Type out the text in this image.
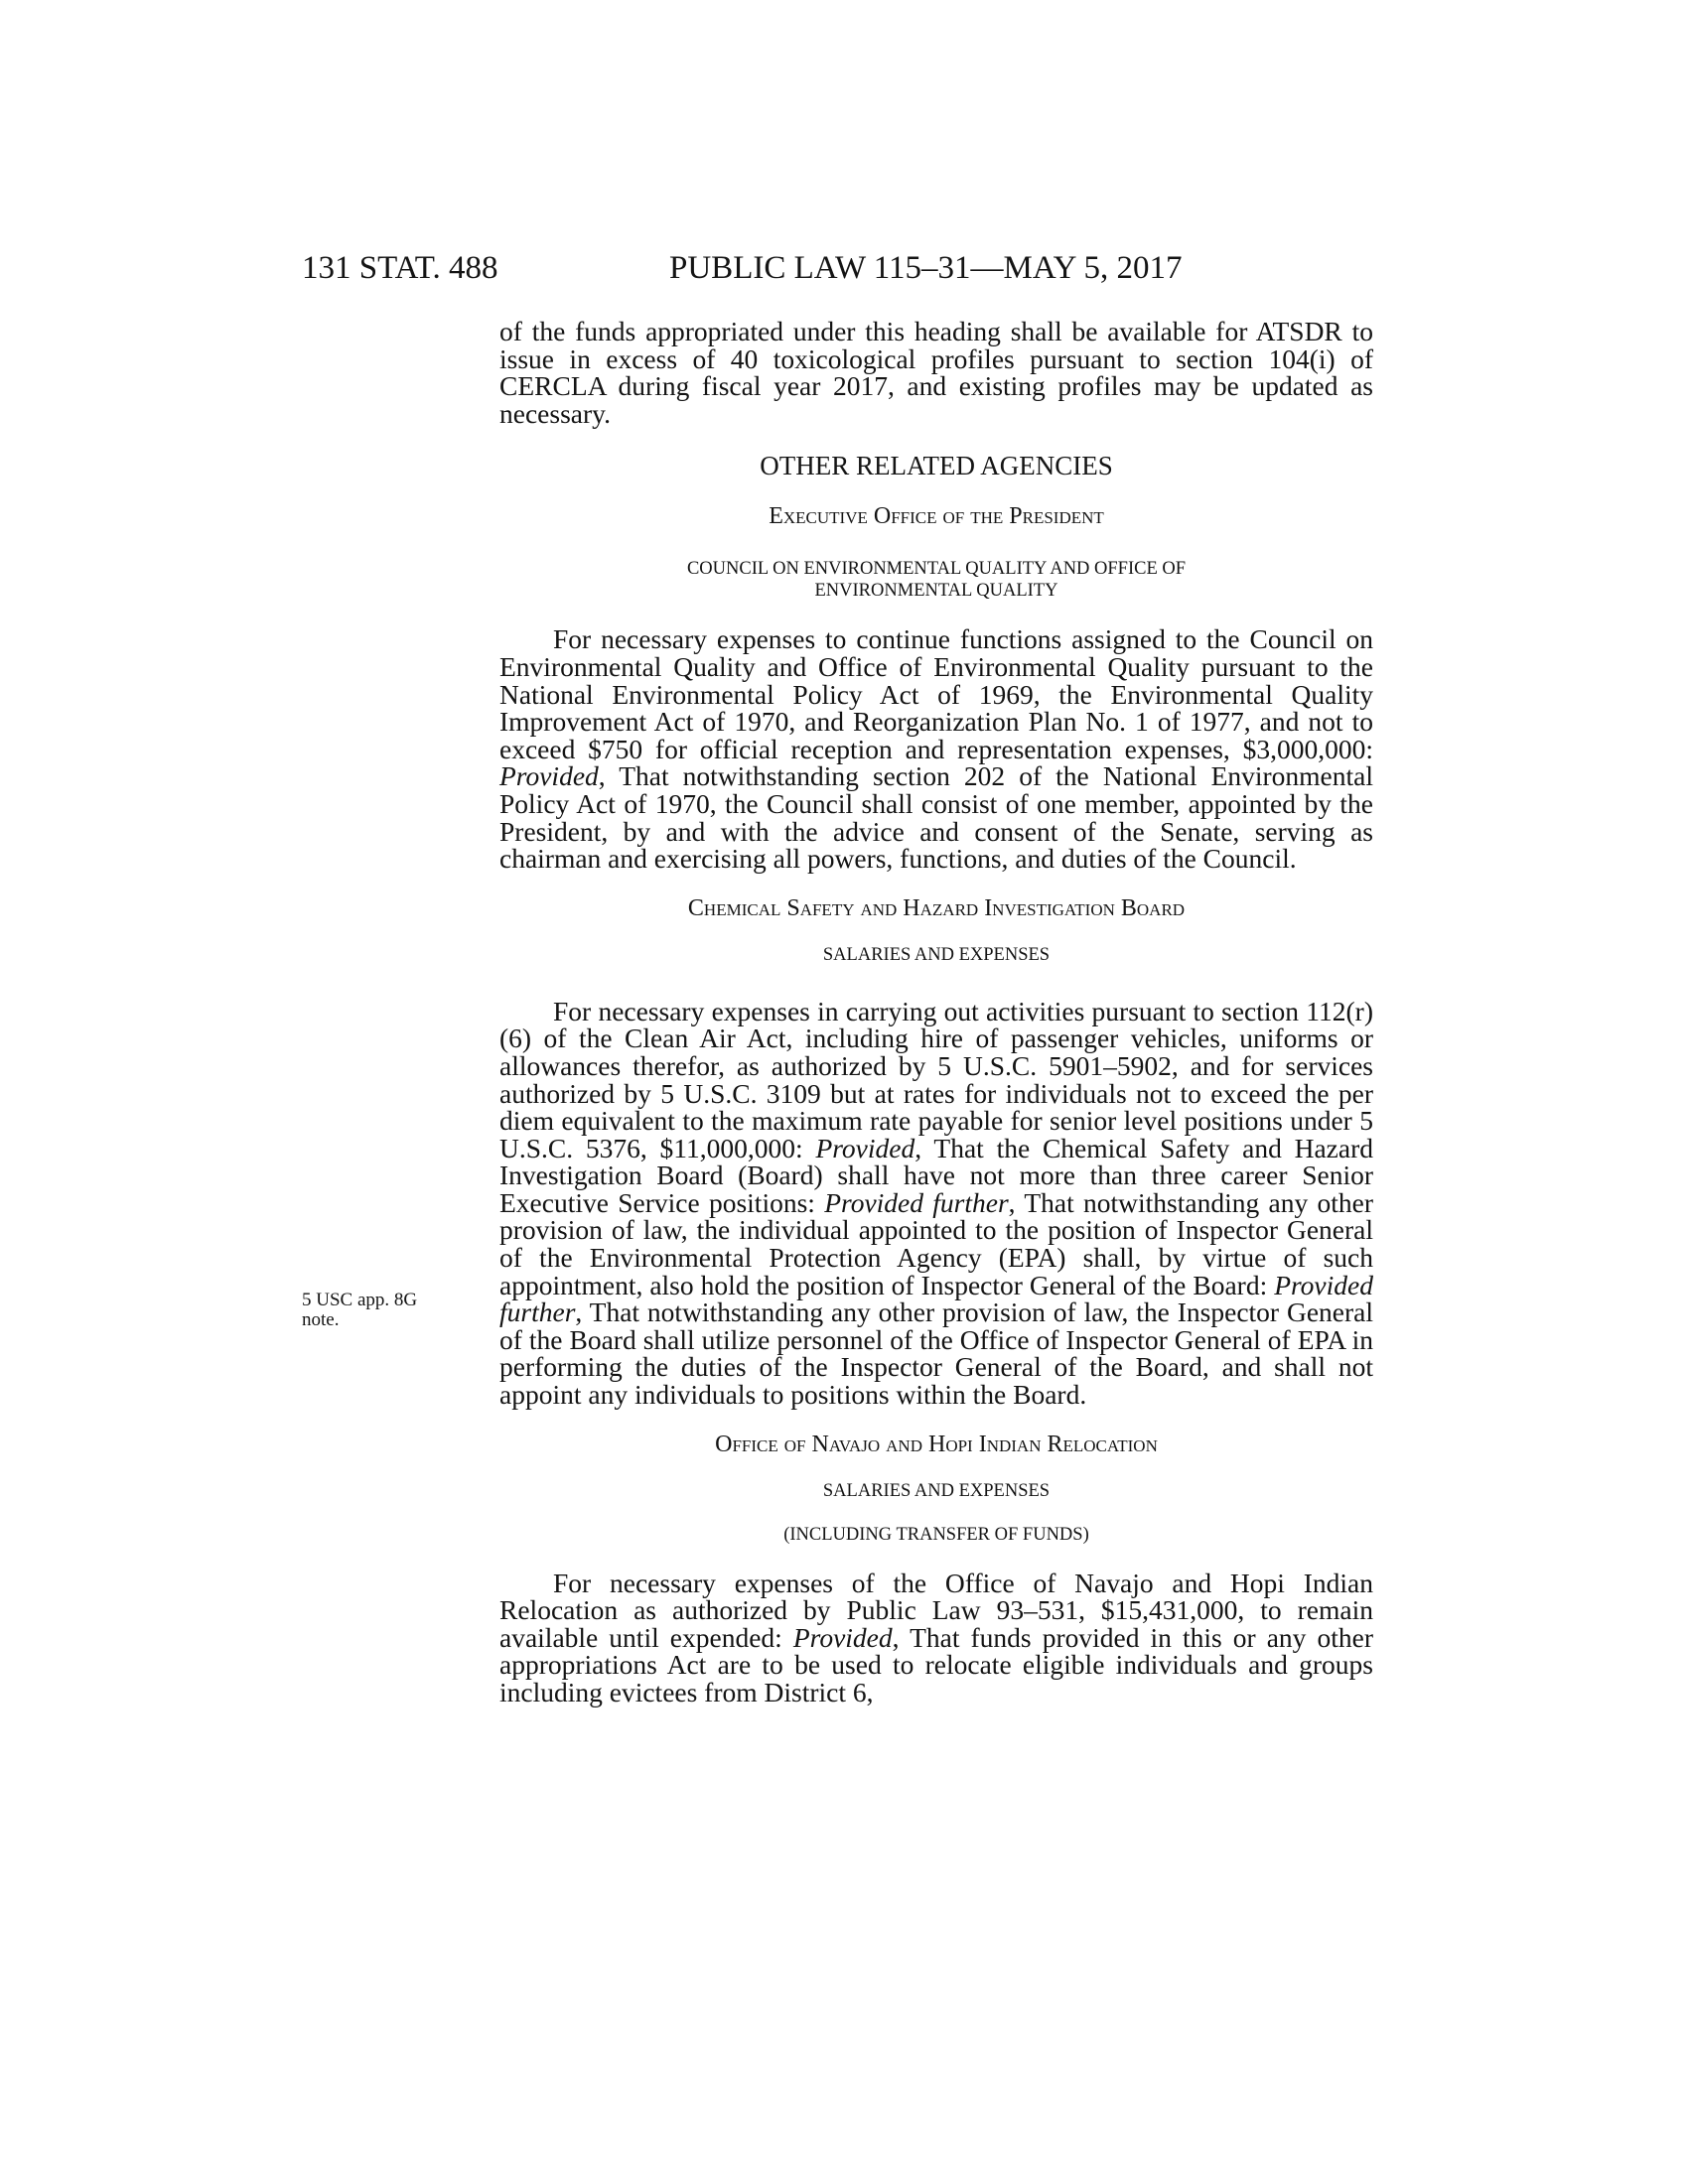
131 STAT. 488	PUBLIC LAW 115–31—MAY 5, 2017
5 USC app. 8G
note.

of the funds appropriated under this heading shall be available for ATSDR to issue in excess of 40 toxicological profiles pursuant to section 104(i) of CERCLA during fiscal year 2017, and existing profiles may be updated as necessary.

OTHER RELATED AGENCIES
Executive Office of the President
COUNCIL ON ENVIRONMENTAL QUALITY AND OFFICE OF
ENVIRONMENTAL QUALITY

For necessary expenses to continue functions assigned to the Council on Environmental Quality and Office of Environmental Quality pursuant to the National Environmental Policy Act of 1969, the Environmental Quality Improvement Act of 1970, and Reorganization Plan No. 1 of 1977, and not to exceed $750 for official reception and representation expenses, $3,000,000: Provided, That notwithstanding section 202 of the National Environmental Policy Act of 1970, the Council shall consist of one member, appointed by the President, by and with the advice and consent of the Senate, serving as chairman and exercising all powers, functions, and duties of the Council.

Chemical Safety and Hazard Investigation Board
SALARIES AND EXPENSES

For necessary expenses in carrying out activities pursuant to section 112(r)(6) of the Clean Air Act, including hire of passenger vehicles, uniforms or allowances therefor, as authorized by 5 U.S.C. 5901–5902, and for services authorized by 5 U.S.C. 3109 but at rates for individuals not to exceed the per diem equivalent to the maximum rate payable for senior level positions under 5 U.S.C. 5376, $11,000,000: Provided, That the Chemical Safety and Hazard Investigation Board (Board) shall have not more than three career Senior Executive Service positions: Provided further, That notwithstanding any other provision of law, the individual appointed to the position of Inspector General of the Environmental Protection Agency (EPA) shall, by virtue of such appointment, also hold the position of Inspector General of the Board: Provided further, That notwithstanding any other provision of law, the Inspector General of the Board shall utilize personnel of the Office of Inspector General of EPA in performing the duties of the Inspector General of the Board, and shall not appoint any individuals to positions within the Board.

Office of Navajo and Hopi Indian Relocation
SALARIES AND EXPENSES
(INCLUDING TRANSFER OF FUNDS)

For necessary expenses of the Office of Navajo and Hopi Indian Relocation as authorized by Public Law 93–531, $15,431,000, to remain available until expended: Provided, That funds provided in this or any other appropriations Act are to be used to relocate eligible individuals and groups including evictees from District 6,
